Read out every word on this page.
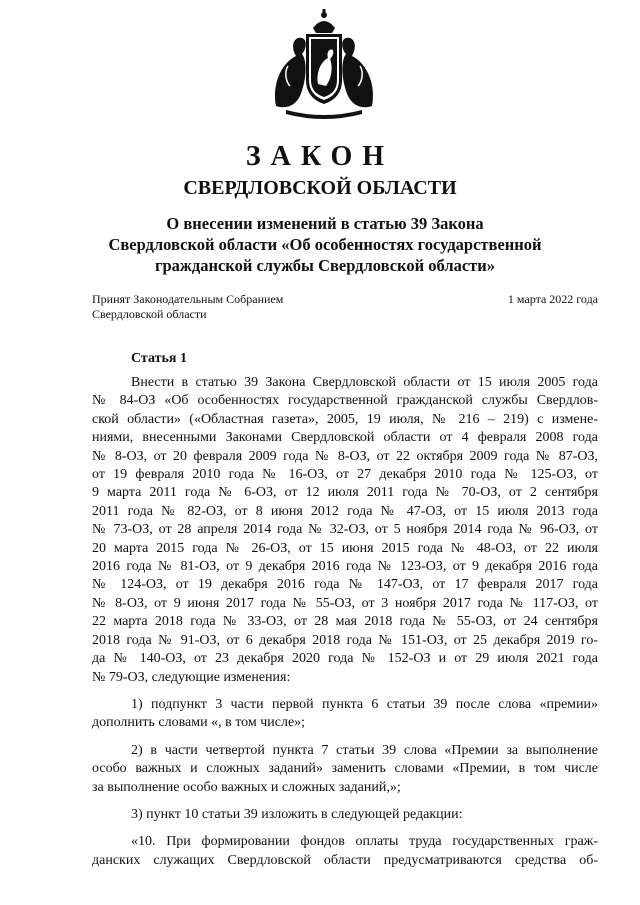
ЗАКОН
СВЕРДЛОВСКОЙ ОБЛАСТИ
О внесении изменений в статью 39 Закона
Свердловской области «Об особенностях государственной
гражданской службы Свердловской области»
Принят Законодательным Собранием
Свердловской области
1 марта 2022 года
Статья 1
Внести в статью 39 Закона Свердловской области от 15 июля 2005 года
№ 84-ОЗ «Об особенностях государственной гражданской службы Свердлов-
ской области» («Областная газета», 2005, 19 июля, № 216 – 219) с измене-
ниями, внесенными Законами Свердловской области от 4 февраля 2008 года
№ 8-ОЗ, от 20 февраля 2009 года № 8-ОЗ, от 22 октября 2009 года № 87-ОЗ,
от 19 февраля 2010 года № 16-ОЗ, от 27 декабря 2010 года № 125-ОЗ, от
9 марта 2011 года № 6-ОЗ, от 12 июля 2011 года № 70-ОЗ, от 2 сентября
2011 года № 82-ОЗ, от 8 июня 2012 года № 47-ОЗ, от 15 июля 2013 года
№ 73-ОЗ, от 28 апреля 2014 года № 32-ОЗ, от 5 ноября 2014 года № 96-ОЗ, от
20 марта 2015 года № 26-ОЗ, от 15 июня 2015 года № 48-ОЗ, от 22 июля
2016 года № 81-ОЗ, от 9 декабря 2016 года № 123-ОЗ, от 9 декабря 2016 года
№ 124-ОЗ, от 19 декабря 2016 года № 147-ОЗ, от 17 февраля 2017 года
№ 8-ОЗ, от 9 июня 2017 года № 55-ОЗ, от 3 ноября 2017 года № 117-ОЗ, от
22 марта 2018 года № 33-ОЗ, от 28 мая 2018 года № 55-ОЗ, от 24 сентября
2018 года № 91-ОЗ, от 6 декабря 2018 года № 151-ОЗ, от 25 декабря 2019 го-
да № 140-ОЗ, от 23 декабря 2020 года № 152-ОЗ и от 29 июля 2021 года
№ 79-ОЗ, следующие изменения:
1) подпункт 3 части первой пункта 6 статьи 39 после слова «премии»
дополнить словами «, в том числе»;
2) в части четвертой пункта 7 статьи 39 слова «Премии за выполнение
особо важных и сложных заданий» заменить словами «Премии, в том числе
за выполнение особо важных и сложных заданий,»;
3) пункт 10 статьи 39 изложить в следующей редакции:
«10. При формировании фондов оплаты труда государственных граж-
данских служащих Свердловской области предусматриваются средства об-
